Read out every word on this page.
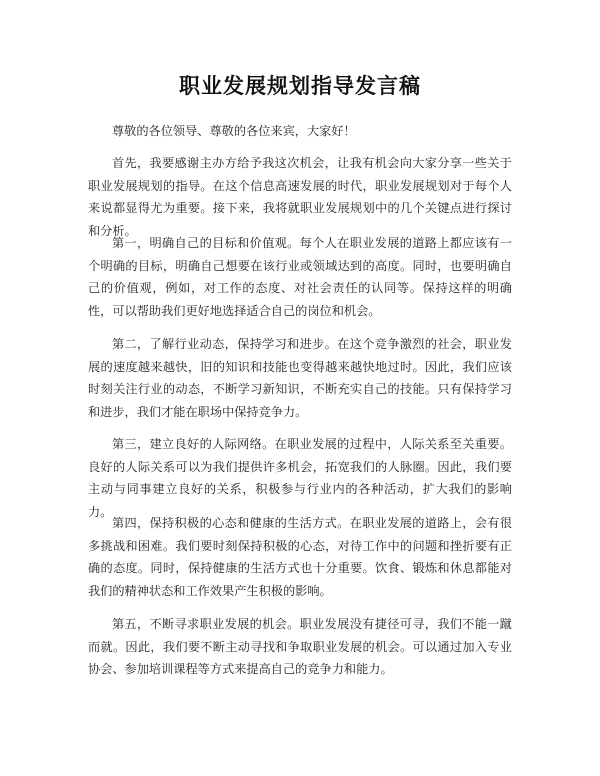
职业发展规划指导发言稿

尊敬的各位领导、尊敬的各位来宾，大家好！

首先，我要感谢主办方给予我这次机会，让我有机会向大家分享一些关于职业发展规划的指导。在这个信息高速发展的时代，职业发展规划对于每个人来说都显得尤为重要。接下来，我将就职业发展规划中的几个关键点进行探讨和分析。

第一，明确自己的目标和价值观。每个人在职业发展的道路上都应该有一个明确的目标，明确自己想要在该行业或领域达到的高度。同时，也要明确自己的价值观，例如，对工作的态度、对社会责任的认同等。保持这样的明确性，可以帮助我们更好地选择适合自己的岗位和机会。

第二，了解行业动态，保持学习和进步。在这个竞争激烈的社会，职业发展的速度越来越快，旧的知识和技能也变得越来越快地过时。因此，我们应该时刻关注行业的动态，不断学习新知识，不断充实自己的技能。只有保持学习和进步，我们才能在职场中保持竞争力。

第三，建立良好的人际网络。在职业发展的过程中，人际关系至关重要。良好的人际关系可以为我们提供许多机会，拓宽我们的人脉圈。因此，我们要主动与同事建立良好的关系，积极参与行业内的各种活动，扩大我们的影响力。

第四，保持积极的心态和健康的生活方式。在职业发展的道路上，会有很多挑战和困难。我们要时刻保持积极的心态，对待工作中的问题和挫折要有正确的态度。同时，保持健康的生活方式也十分重要。饮食、锻炼和休息都能对我们的精神状态和工作效果产生积极的影响。

第五，不断寻求职业发展的机会。职业发展没有捷径可寻，我们不能一蹴而就。因此，我们要不断主动寻找和争取职业发展的机会。可以通过加入专业协会、参加培训课程等方式来提高自己的竞争力和能力。
